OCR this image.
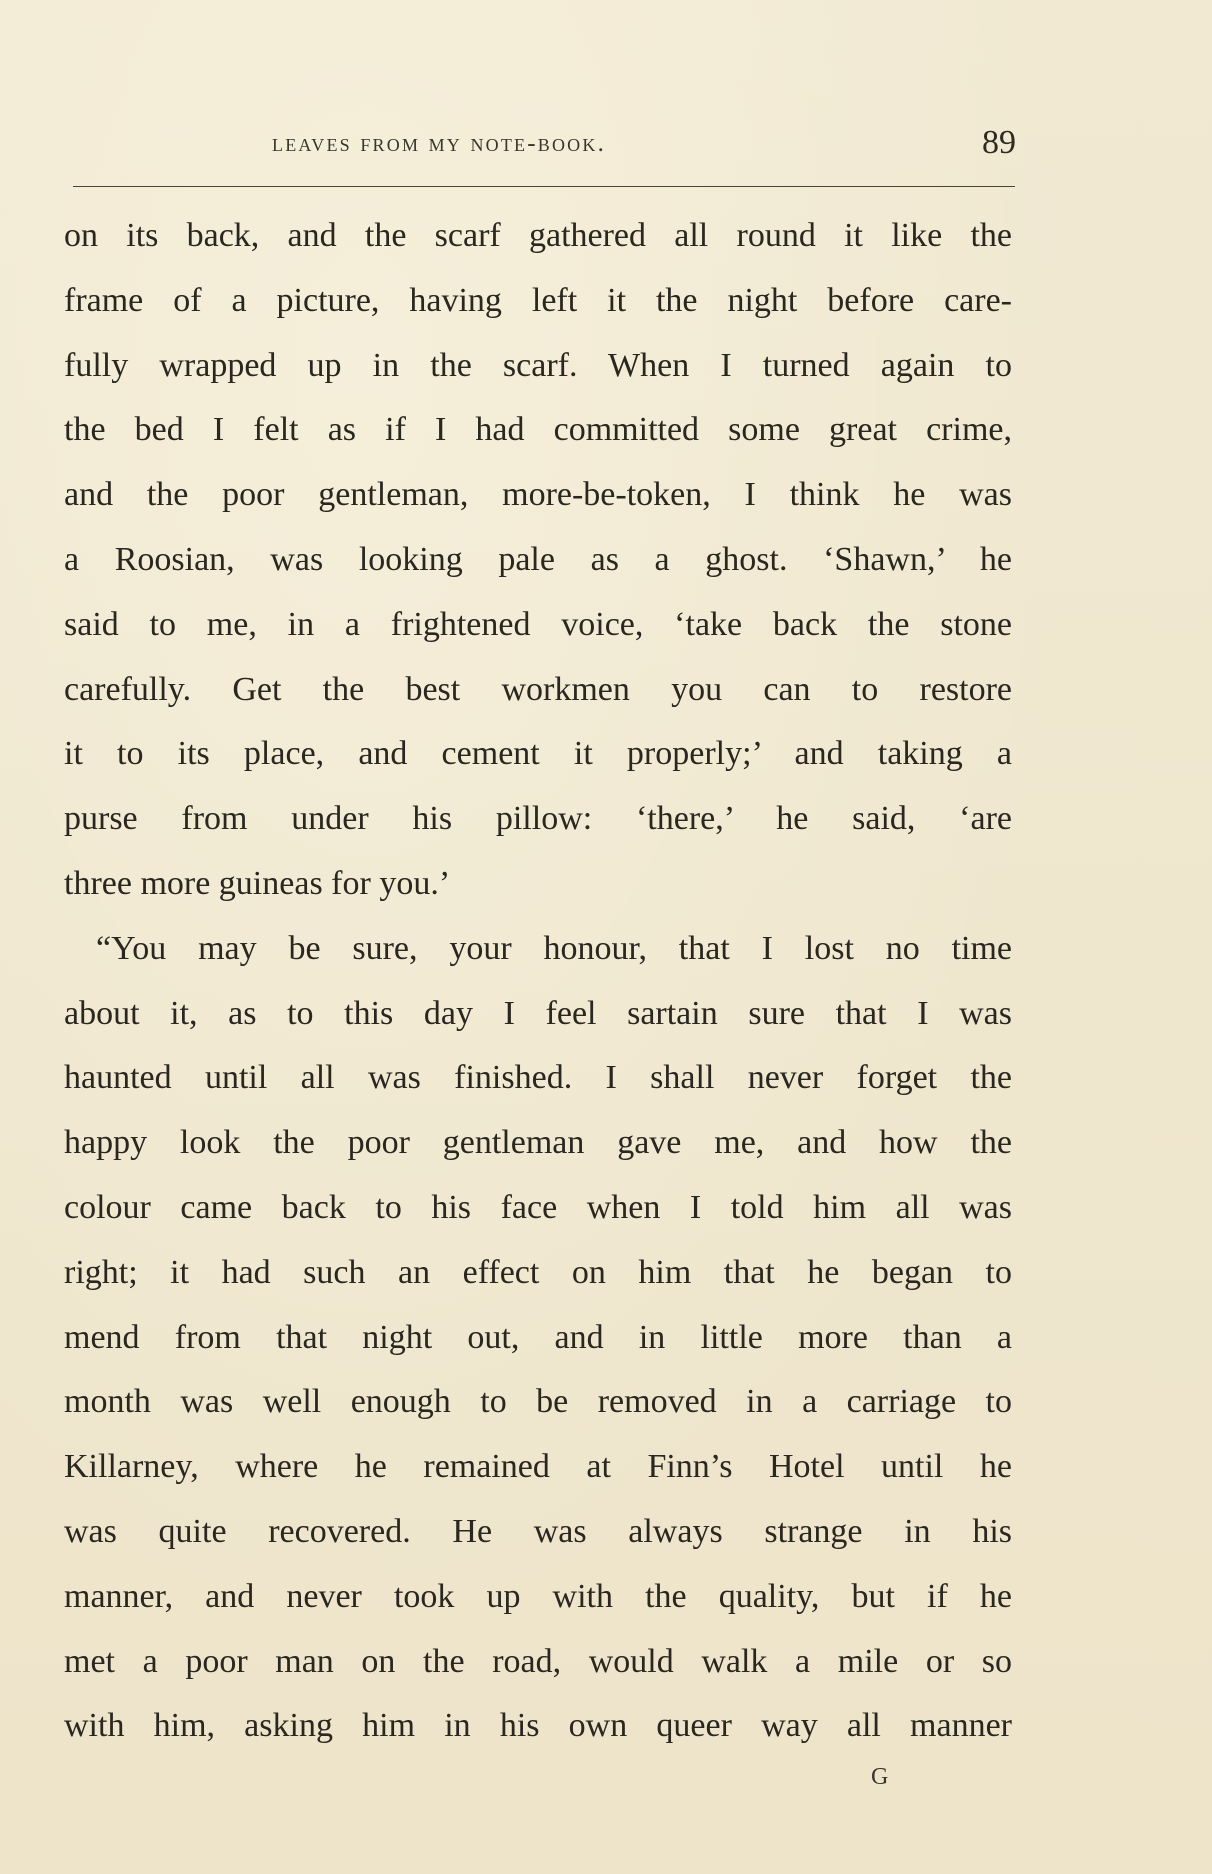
leaves from my note-book.	89
on its back, and the scarf gathered all round it like the
frame of a picture, having left it the night before care-
fully wrapped up in the scarf. When I turned again to
the bed I felt as if I had committed some great crime,
and the poor gentleman, more-be-token, I think he was
a Roosian, was looking pale as a ghost. ‘Shawn,’ he
said to me, in a frightened voice, ‘take back the stone
carefully. Get the best workmen you can to restore
it to its place, and cement it properly;’ and taking a
purse from under his pillow: ‘there,’ he said, ‘are
three more guineas for you.’
“You may be sure, your honour, that I lost no time
about it, as to this day I feel sartain sure that I was
haunted until all was finished. I shall never forget the
happy look the poor gentleman gave me, and how the
colour came back to his face when I told him all was
right; it had such an effect on him that he began to
mend from that night out, and in little more than a
month was well enough to be removed in a carriage to
Killarney, where he remained at Finn’s Hotel until he
was quite recovered. He was always strange in his
manner, and never took up with the quality, but if he
met a poor man on the road, would walk a mile or so
with him, asking him in his own queer way all manner
G
